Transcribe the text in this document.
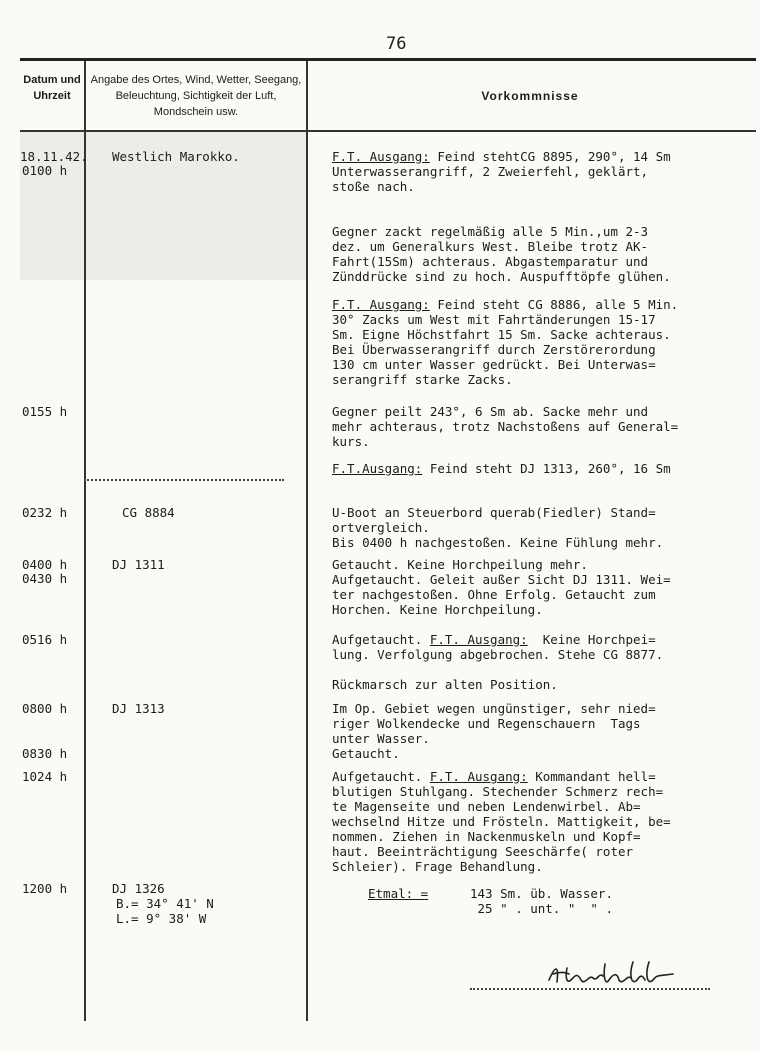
76
Datum und Uhrzeit
Angabe des Ortes, Wind, Wetter, Seegang, Beleuchtung, Sichtigkeit der Luft, Mondschein usw.
Vorkommnisse
18.11.42.
0100 h
0155 h
0232 h
0400 h
0430 h
0516 h
0800 h
0830 h
1024 h
1200 h
Westlich Marokko.
CG 8884
DJ 1311
DJ 1313
DJ 1326
B.= 34° 41' N
L.= 9° 38' W
F.T. Ausgang: Feind stehtCG 8895, 290°, 14 Sm
Unterwasserangriff, 2 Zweierfehl, geklärt,
stoße nach.
Gegner zackt regelmäßig alle 5 Min.,um 2-3
dez. um Generalkurs West. Bleibe trotz AK-
Fahrt(15Sm) achteraus. Abgastemparatur und
Zünddrücke sind zu hoch. Auspufftöpfe glühen.
F.T. Ausgang: Feind steht CG 8886, alle 5 Min.
30° Zacks um West mit Fahrtänderungen 15-17
Sm. Eigne Höchstfahrt 15 Sm. Sacke achteraus.
Bei Überwasserangriff durch Zerstörerordung
130 cm unter Wasser gedrückt. Bei Unterwas=
serangriff starke Zacks.
Gegner peilt 243°, 6 Sm ab. Sacke mehr und
mehr achteraus, trotz Nachstoßens auf General=
kurs.
F.T.Ausgang: Feind steht DJ 1313, 260°, 16 Sm
U-Boot an Steuerbord querab(Fiedler) Stand=
ortvergleich.
Bis 0400 h nachgestoßen. Keine Fühlung mehr.
Getaucht. Keine Horchpeilung mehr.
Aufgetaucht. Geleit außer Sicht DJ 1311. Wei=
ter nachgestoßen. Ohne Erfolg. Getaucht zum
Horchen. Keine Horchpeilung.
Aufgetaucht. F.T. Ausgang:  Keine Horchpei=
lung. Verfolgung abgebrochen. Stehe CG 8877.
Rückmarsch zur alten Position.
Im Op. Gebiet wegen ungünstiger, sehr nied=
riger Wolkendecke und Regenschauern  Tags
unter Wasser.
Getaucht.
Aufgetaucht. F.T. Ausgang: Kommandant hell=
blutigen Stuhlgang. Stechender Schmerz rech=
te Magenseite und neben Lendenwirbel. Ab=
wechselnd Hitze und Frösteln. Mattigkeit, be=
nommen. Ziehen in Nackenmuskeln und Kopf=
haut. Beeinträchtigung Seeschärfe( roter
Schleier). Frage Behandlung.
Etmal: =	143 Sm. üb. Wasser.
25 " . unt. "  " .
